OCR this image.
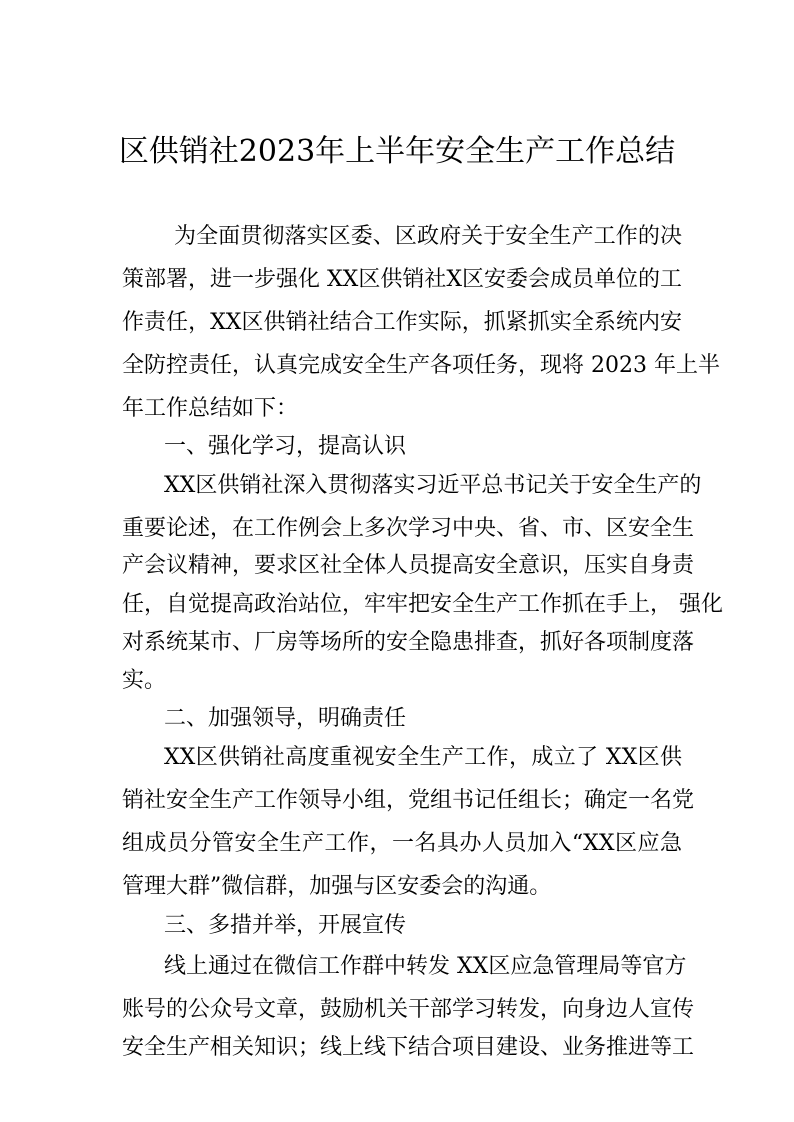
区供销社2023年上半年安全生产工作总结
为全面贯彻落实区委、区政府关于安全生产工作的决
策部署，进一步强化 XX区供销社X区安委会成员单位的工
作责任，XX区供销社结合工作实际，抓紧抓实全系统内安
全防控责任，认真完成安全生产各项任务，现将 2023 年上半
年工作总结如下：
一、强化学习，提高认识
XX区供销社深入贯彻落实习近平总书记关于安全生产的
重要论述，在工作例会上多次学习中央、省、市、区安全生
产会议精神，要求区社全体人员提高安全意识，压实自身责
任，自觉提高政治站位，牢牢把安全生产工作抓在手上， 强化
对系统某市、厂房等场所的安全隐患排查，抓好各项制度落
实。
二、加强领导，明确责任
XX区供销社高度重视安全生产工作，成立了 XX区供
销社安全生产工作领导小组，党组书记任组长；确定一名党
组成员分管安全生产工作，一名具办人员加入“XX区应急
管理大群”微信群，加强与区安委会的沟通。
三、多措并举，开展宣传
线上通过在微信工作群中转发 XX区应急管理局等官方
账号的公众号文章，鼓励机关干部学习转发，向身边人宣传
安全生产相关知识；线上线下结合项目建设、业务推进等工
